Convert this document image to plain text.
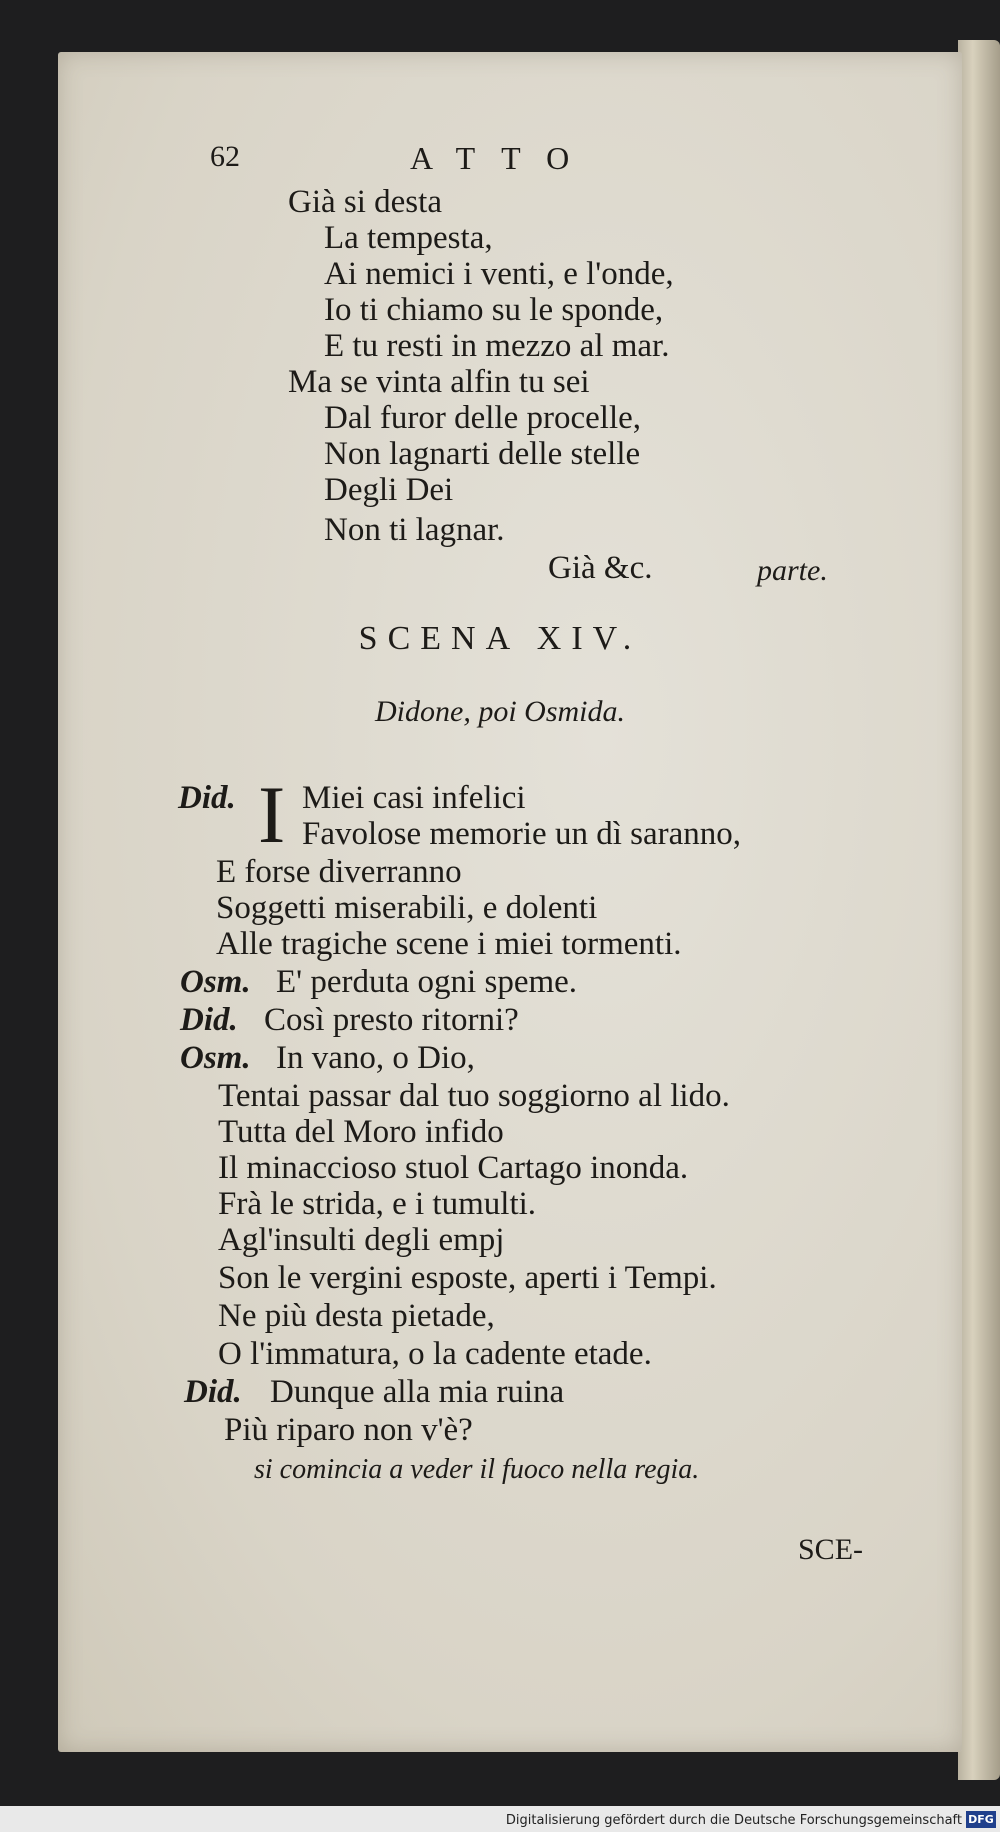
62	ATTO
Già si desta
La tempesta,
Ai nemici i venti, e l'onde,
Io ti chiamo su le sponde,
E tu resti in mezzo al mar.
Ma se vinta alfin tu sei
Dal furor delle procelle,
Non lagnarti delle stelle
Degli Dei
Non ti lagnar.
Già &c.	parte.
SCENA XIV.
Didone, poi Osmida.
Did. I Miei casi infelici
Favolose memorie un dì saranno,
E forse diverranno
Soggetti miserabili, e dolenti
Alle tragiche scene i miei tormenti.
Osm. E' perduta ogni speme.
Did. Così presto ritorni?
Osm. In vano, o Dio,
Tentai passar dal tuo soggiorno al lido.
Tutta del Moro infido
Il minaccioso stuol Cartago inonda.
Frà le strida, e i tumulti.
Agl'insulti degli empj
Son le vergini esposte, aperti i Tempi.
Ne più desta pietade,
O l'immatura, o la cadente etade.
Did. Dunque alla mia ruina
Più riparo non v'è?
si comincia a veder il fuoco nella regia.
SCE-
Digitalisierung gefördert durch die Deutsche Forschungsgemeinschaft DFG
